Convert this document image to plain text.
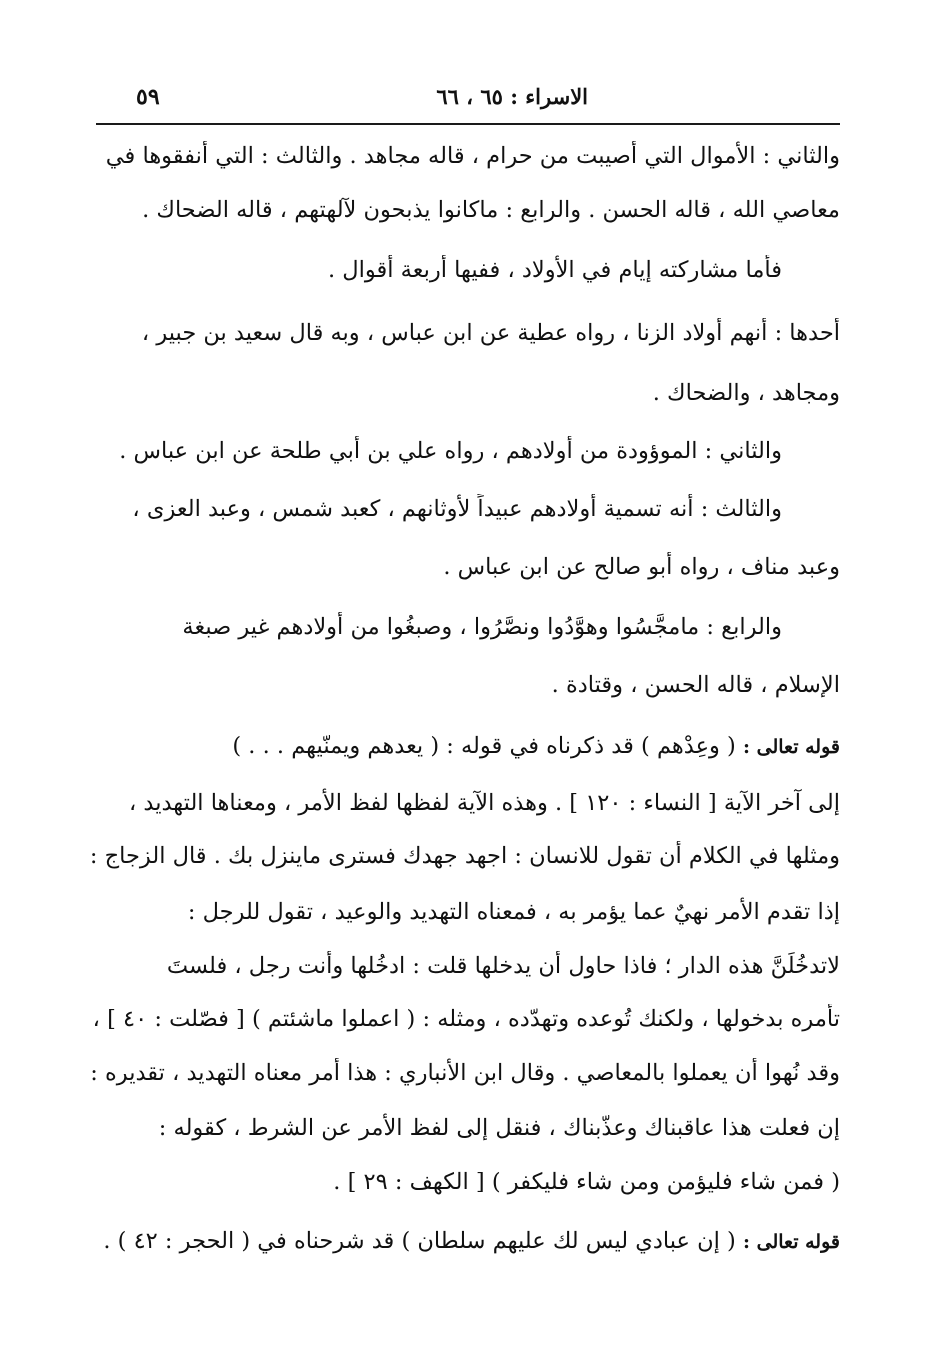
الاسراء : ٦٥ ، ٦٦
٥٩
والثاني : الأموال التي أصيبت من حرام ، قاله مجاهد . والثالث : التي أنفقوها في
معاصي الله ، قاله الحسن . والرابع : ماكانوا يذبحون لآلهتهم ، قاله الضحاك .
فأما مشاركته إيام في الأولاد ، ففيها أربعة أقوال .
أحدها : أنهم أولاد الزنا ، رواه عطية عن ابن عباس ، وبه قال سعيد بن جبير ،
ومجاهد ، والضحاك .
والثاني : الموؤودة من أولادهم ، رواه علي بن أبي طلحة عن ابن عباس .
والثالث : أنه تسمية أولادهم عبيداً لأوثانهم ، كعبد شمس ، وعبد العزى ،
وعبد مناف ، رواه أبو صالح عن ابن عباس .
والرابع : مامجَّسُوا وهوَّدُوا ونصَّرُوا ، وصبغُوا من أولادهم غير صبغة
الإسلام ، قاله الحسن ، وقتادة .
قوله تعالى : ( وعِدْهم ) قد ذكرناه في قوله : ( يعدهم ويمنّيهم . . . )
إلى آخر الآية [ النساء : ١٢٠ ] . وهذه الآية لفظها لفظ الأمر ، ومعناها التهديد ،
ومثلها في الكلام أن تقول للانسان : اجهد جهدك فسترى ماينزل بك . قال الزجاج :
إذا تقدم الأمر نهيٌ عما يؤمر به ، فمعناه التهديد والوعيد ، تقول للرجل :
لاتدخُلَنَّ هذه الدار ؛ فاذا حاول أن يدخلها قلت : ادخُلها وأنت رجل ، فلستَ
تأمره بدخولها ، ولكنك تُوعده وتهدّده ، ومثله : ( اعملوا ماشئتم ) [ فصّلت : ٤٠ ] ،
وقد نُهوا أن يعملوا بالمعاصي . وقال ابن الأنباري : هذا أمر معناه التهديد ، تقديره :
إن فعلت هذا عاقبناك وعذّبناك ، فنقل إلى لفظ الأمر عن الشرط ، كقوله :
( فمن شاء فليؤمن ومن شاء فليكفر ) [ الكهف : ٢٩ ] .
قوله تعالى : ( إن عبادي ليس لك عليهم سلطان ) قد شرحناه في ( الحجر : ٤٢ ) .
